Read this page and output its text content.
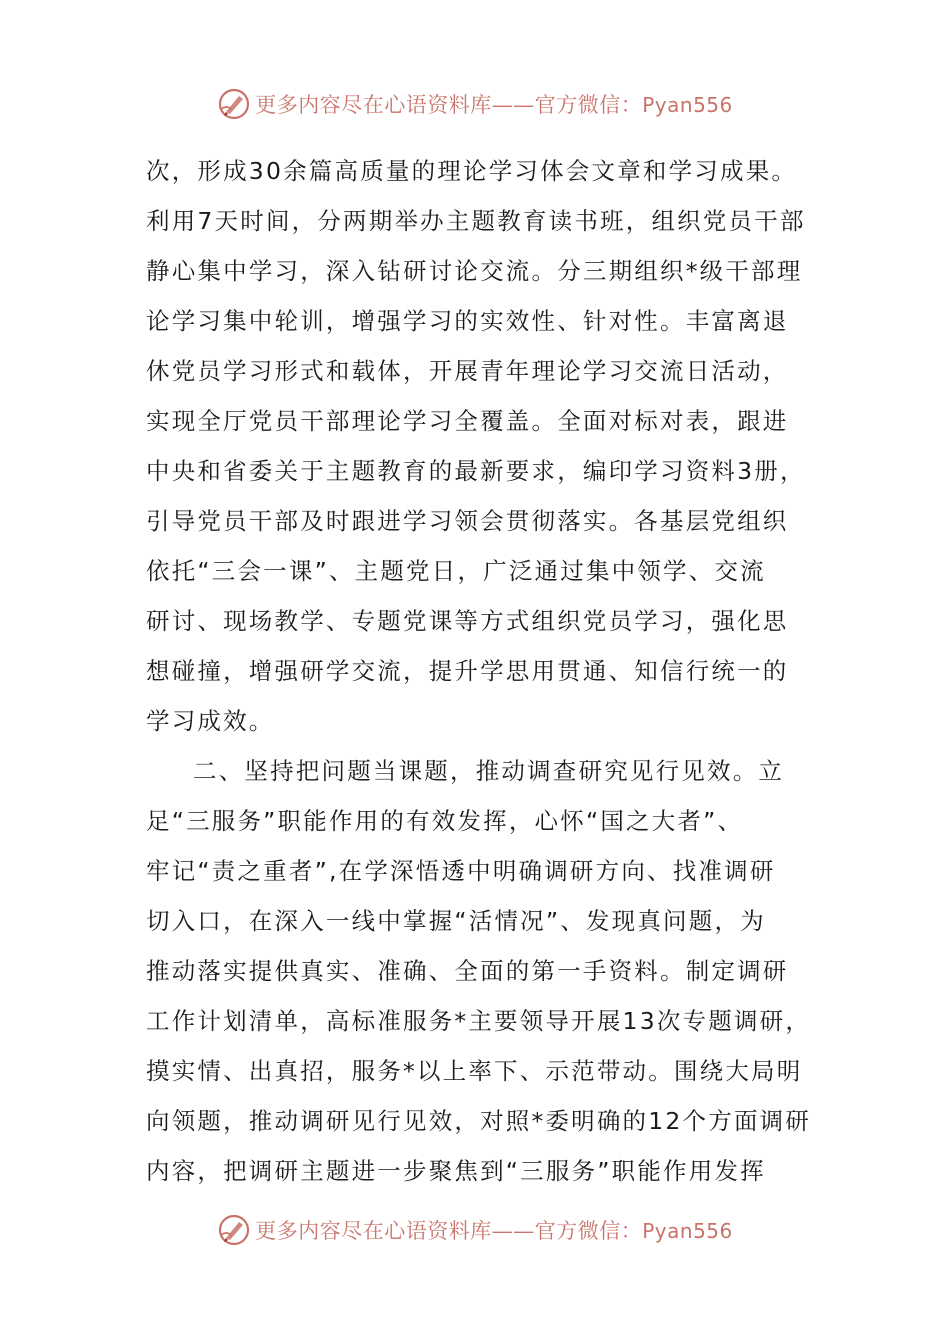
更多内容尽在心语资料库——官方微信：Pyan556
次，形成30余篇高质量的理论学习体会文章和学习成果。
利用7天时间，分两期举办主题教育读书班，组织党员干部
静心集中学习，深入钻研讨论交流。分三期组织*级干部理
论学习集中轮训，增强学习的实效性、针对性。丰富离退
休党员学习形式和载体，开展青年理论学习交流日活动，
实现全厅党员干部理论学习全覆盖。全面对标对表，跟进
中央和省委关于主题教育的最新要求，编印学习资料3册，
引导党员干部及时跟进学习领会贯彻落实。各基层党组织
依托“三会一课”、主题党日，广泛通过集中领学、交流
研讨、现场教学、专题党课等方式组织党员学习，强化思
想碰撞，增强研学交流，提升学思用贯通、知信行统一的
学习成效。
二、坚持把问题当课题，推动调查研究见行见效。立
足“三服务”职能作用的有效发挥，心怀“国之大者”、
牢记“责之重者”,在学深悟透中明确调研方向、找准调研
切入口，在深入一线中掌握“活情况”、发现真问题，为
推动落实提供真实、准确、全面的第一手资料。制定调研
工作计划清单，高标准服务*主要领导开展13次专题调研，
摸实情、出真招，服务*以上率下、示范带动。围绕大局明
向领题，推动调研见行见效，对照*委明确的12个方面调研
内容，把调研主题进一步聚焦到“三服务”职能作用发挥
更多内容尽在心语资料库——官方微信：Pyan556
